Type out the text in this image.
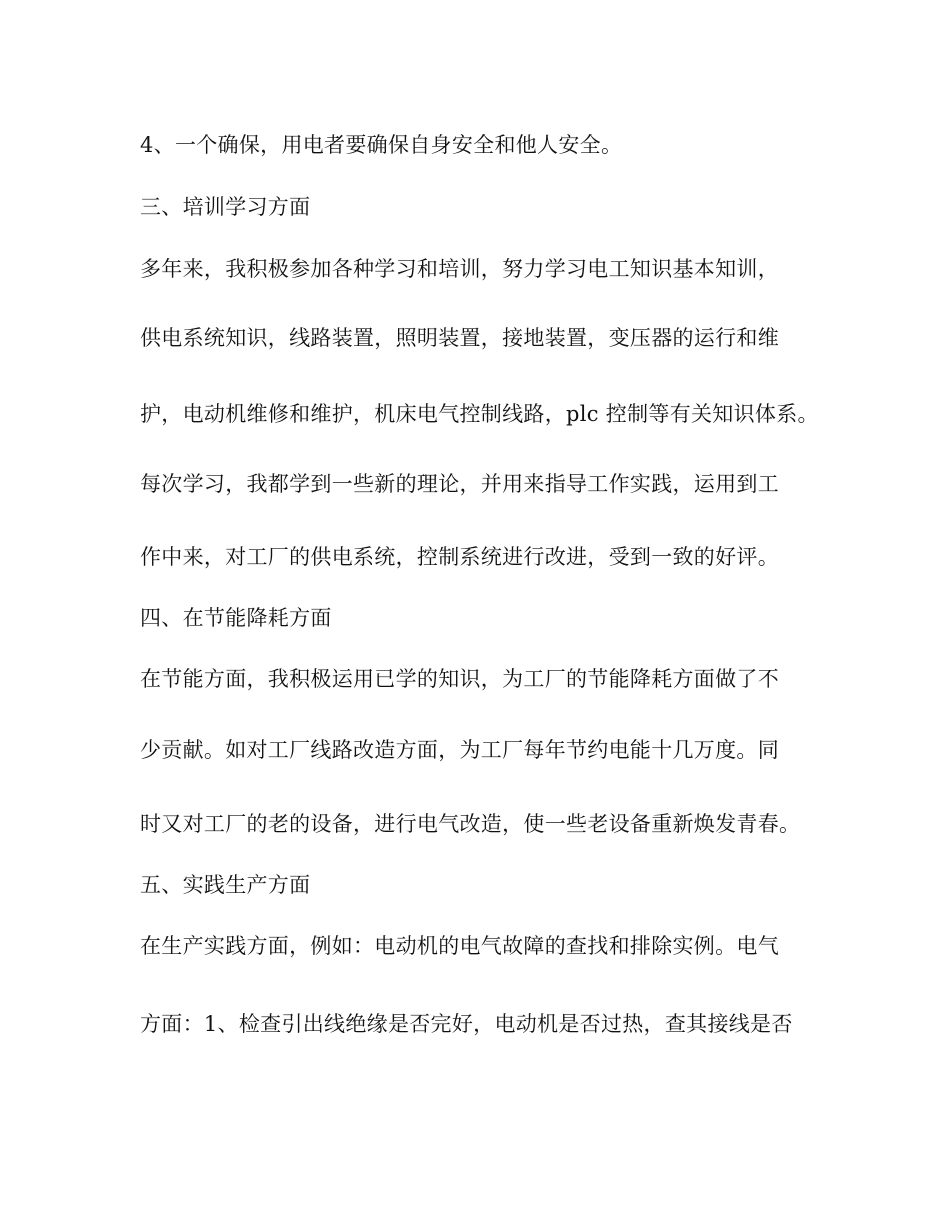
4、一个确保，用电者要确保自身安全和他人安全。
三、培训学习方面
多年来，我积极参加各种学习和培训，努力学习电工知识基本知训，
供电系统知识，线路装置，照明装置，接地装置，变压器的运行和维
护，电动机维修和维护，机床电气控制线路，plc 控制等有关知识体系。
每次学习，我都学到一些新的理论，并用来指导工作实践，运用到工
作中来，对工厂的供电系统，控制系统进行改进，受到一致的好评。
四、在节能降耗方面
在节能方面，我积极运用已学的知识，为工厂的节能降耗方面做了不
少贡献。如对工厂线路改造方面，为工厂每年节约电能十几万度。同
时又对工厂的老的设备，进行电气改造，使一些老设备重新焕发青春。
五、实践生产方面
在生产实践方面，例如：电动机的电气故障的查找和排除实例。电气
方面：1、检查引出线绝缘是否完好，电动机是否过热，查其接线是否
